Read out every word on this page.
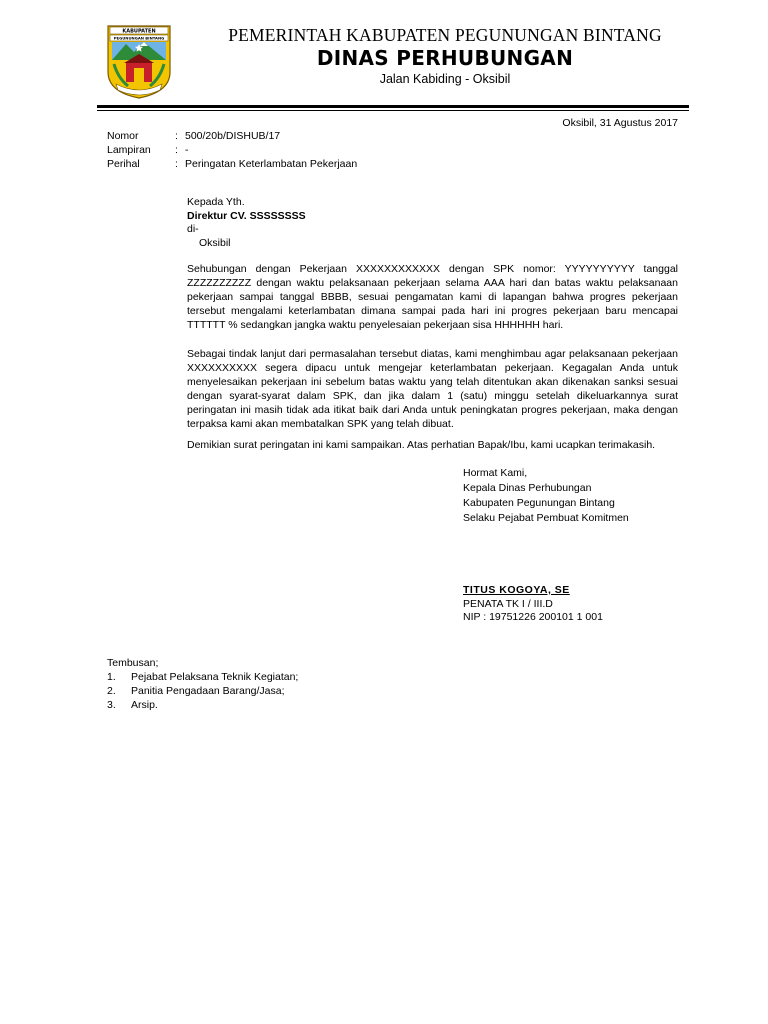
KABUPATEN
PEGUNUNGAN BINTANG	PEMERINTAH KABUPATEN PEGUNUNGAN BINTANG
DINAS PERHUBUNGAN
Jalan Kabiding - Oksibil
Oksibil, 31 Agustus 2017
Nomor	: 500/20b/DISHUB/17
Lampiran	: -
Perihal	: Peringatan Keterlambatan Pekerjaan
Kepada Yth.
Direktur CV. SSSSSSSS
di-
Oksibil
Sehubungan dengan Pekerjaan XXXXXXXXXXXX dengan SPK nomor: YYYYYYYYYY tanggal ZZZZZZZZZZ dengan waktu pelaksanaan pekerjaan selama AAA hari dan batas waktu pelaksanaan pekerjaan sampai tanggal BBBB, sesuai pengamatan kami di lapangan bahwa progres pekerjaan tersebut mengalami keterlambatan dimana sampai pada hari ini progres pekerjaan baru mencapai TTTTTT % sedangkan jangka waktu penyelesaian pekerjaan sisa HHHHHH hari.
Sebagai tindak lanjut dari permasalahan tersebut diatas, kami menghimbau agar pelaksanaan pekerjaan XXXXXXXXXX segera dipacu untuk mengejar keterlambatan pekerjaan. Kegagalan Anda untuk menyelesaikan pekerjaan ini sebelum batas waktu yang telah ditentukan akan dikenakan sanksi sesuai dengan syarat-syarat dalam SPK, dan jika dalam 1 (satu) minggu setelah dikeluarkannya surat peringatan ini masih tidak ada itikat baik dari Anda untuk peningkatan progres pekerjaan, maka dengan terpaksa kami akan membatalkan SPK yang telah dibuat.
Demikian surat peringatan ini kami sampaikan. Atas perhatian Bapak/Ibu, kami ucapkan terimakasih.
Hormat Kami,
Kepala Dinas Perhubungan
Kabupaten Pegunungan Bintang
Selaku Pejabat Pembuat Komitmen
TITUS KOGOYA, SE
PENATA TK I / III.D
NIP : 19751226 200101 1 001
Tembusan;
1.	Pejabat Pelaksana Teknik Kegiatan;
2.	Panitia Pengadaan Barang/Jasa;
3.	Arsip.
